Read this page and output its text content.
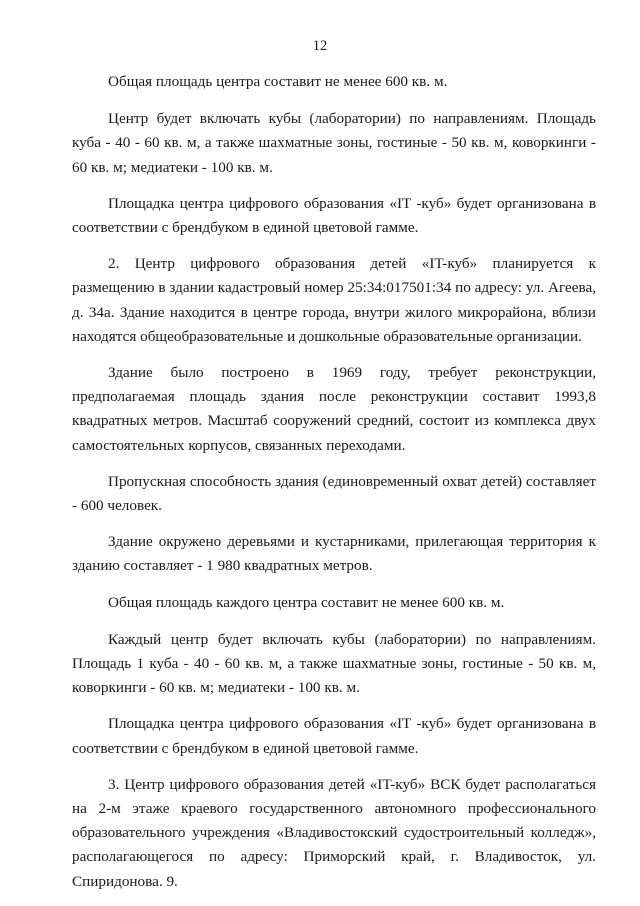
12

Общая площадь центра составит не менее 600 кв. м.

Центр будет включать кубы (лаборатории) по направлениям. Площадь куба - 40 - 60 кв. м, а также шахматные зоны, гостиные - 50 кв. м, коворкинги - 60 кв. м; медиатеки - 100 кв. м.

Площадка центра цифрового образования «IT -куб» будет организована в соответствии с брендбуком в единой цветовой гамме.

2. Центр цифрового образования детей «IT-куб» планируется к размещению в здании кадастровый номер 25:34:017501:34 по адресу: ул. Агеева, д. 34а. Здание находится в центре города, внутри жилого микрорайона, вблизи находятся общеобразовательные и дошкольные образовательные организации.

Здание было построено в 1969 году, требует реконструкции, предполагаемая площадь здания после реконструкции составит 1993,8 квадратных метров. Масштаб сооружений средний, состоит из комплекса двух самостоятельных корпусов, связанных переходами.

Пропускная способность здания (единовременный охват детей) составляет - 600 человек.

Здание окружено деревьями и кустарниками, прилегающая территория к зданию составляет - 1 980 квадратных метров.

Общая площадь каждого центра составит не менее 600 кв. м.

Каждый центр будет включать кубы (лаборатории) по направлениям. Площадь 1 куба - 40 - 60 кв. м, а также шахматные зоны, гостиные - 50 кв. м, коворкинги - 60 кв. м; медиатеки - 100 кв. м.

Площадка центра цифрового образования «IT -куб» будет организована в соответствии с брендбуком в единой цветовой гамме.

3. Центр цифрового образования детей «IT-куб» ВСК будет располагаться на 2-м этаже краевого государственного автономного профессионального образовательного учреждения «Владивостокский судостроительный колледж», располагающегося по адресу: Приморский край, г. Владивосток, ул. Спиридонова. 9.
